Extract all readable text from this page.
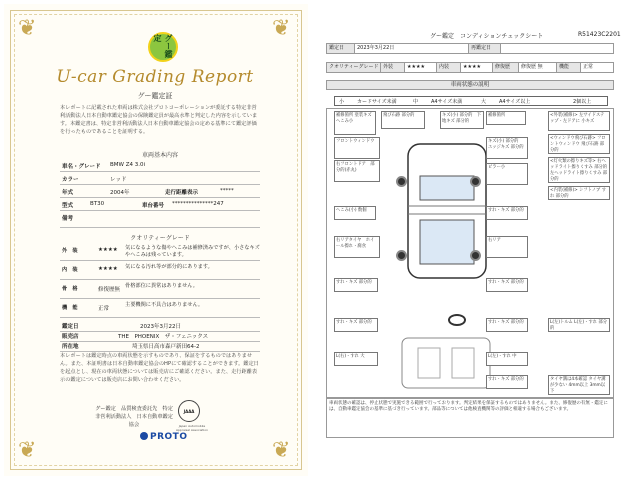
❦	❦
❦	❦
グー鑑定
U-car Grading Report
グー鑑定証
本レポートに記載された車両は株式会社プロトコーポレーションが委託する特定非営利活動法人日本自動車鑑定協会の保険鑑定員が最高水準と判定した内容を示しています。本鑑定書は、特定非営利活動法人日本自動車鑑定協会の定める基準にて鑑定評価を行ったものであることを証明する。
車両基本内容
車名・グレード BMW Z4 3.0i
カラー	レッド
年式	2004年	走行距離表示	*****
型式	BT30	車台番号 ***************247
備考
クオリティーグレード
外　装	★★★★ 気になるような傷やへこみは補修済みですが、小さなキズやへこみは残っています。
内　装	★★★★ 気になる汚れ等が部分的にあります。
骨　格	修復歴無
骨格部位に異常はありません。
機　能	正常
主要機関に不具合はありません。
鑑定日	2023年3月22日
販売店	THE　PHOENIX　ザ・フェニックス
所在地	埼玉県日高市森戸新田64-2
本レポートは鑑定時点の車両状態を示すものであり、保証をするものではありません。また、本証明書は日本自動車鑑定協会のHPにて確認することができます。鑑定日を起点とし、現在の車両状態については販売店にご確認ください。また、走行距離表示の鑑定については販売店にお問い合わせください。
グー鑑定　品質検査委託先　特定非営利活動法人　日本自動車鑑定協会
JAAA
Japan Automobile Appraisal Association
PROTO
グー鑑定　コンディションチェックシート	R51423C2201
鑑定日	2023年3月22日	再鑑定日
クオリティーグレード 外装	★★★★	内装	★★★★	修復歴	修復歴 無	機能	正常
車両状態の説明
小	カードサイズ未満	中	A4サイズ未満	大	A4サイズ以上	2個以上
補修箇所 塗装キズ　へこみ小
飛び石跡 部分的	キズ(小) 部分的　下地キズ 部分的
フロントウィンドウ
右フロントドア　部分的(赤丸)
へこみ(小) 数個
右リアタイヤ　ホイール擦れ・腐食
すれ・キズ 部分的
すれ・キズ 部分的
L(右)・すれ 大
補修箇所
キズ(小) 部分的　エッジキズ 部分的
ピラー小
すれ・キズ 部分的
右リア
すれ・キズ 部分的
すれ・キズ 部分的
L(左)・すれ 中
すれ・キズ 部分的
<外装(補修)> 左サイドステップ・左ドアに 小キズ
<ウィンドウ飛び石跡> フロントウィンドウ 飛び石跡 部分的
<灯火類の擦りキズ等> 右ヘッドライト擦りくすみ 部分的 左ヘッドライト擦りくすみ 部分的
<内装(補修)> シフトノブ すれ 部分的
L(左)トルム L(左)・すれ 部分的
タイヤ溝は4本確認 タイヤ溝が少ない 4mm以上 3mm以下
車両状態の確認は、停止状態で実施できる範囲で行っております。判定結果を保証するものではありません。また、修復歴の有無・鑑定には、自動車鑑定協会の基準に基づき行っています。部品等については他検査機関等の評価と相違する場合もございます。
